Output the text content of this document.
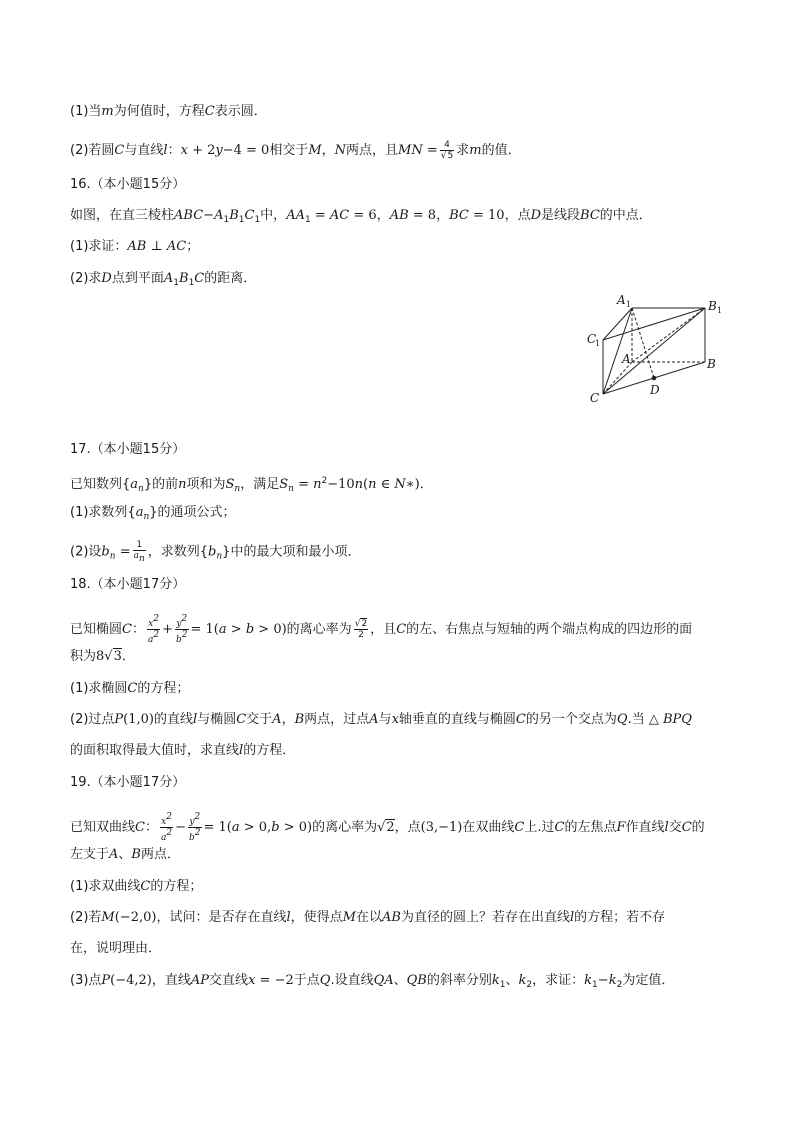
(1)当m为何值时，方程C表示圆．
(2)若圆C与直线l：x + 2y−4 = 0相交于M，N两点，且MN = $\frac{4}{√5}$ 求m的值．
16.（本小题15分）
如图，在直三棱柱$ABC-A_1B_1C_1$中，$AA_1$ = AC = 6，AB = 8，BC = 10，点D是线段BC的中点．
(1)求证：AB ⊥ AC；
(2)求D点到平面$A_1B_1C$的距离．
A 1	B 1
C
1
A	B
C
D
17.（本小题15分）
已知数列$\{a_n\}$的前n项和为$S_n$，满足$S_n = n^2-10n(n$ ∈ N∗)．
(1)求数列$\{a_n\}$的通项公式；
(2)设$b_n = \frac{1}{a_n}$ ，求数列$\{b_n\}$中的最大项和最小项．
18.（本小题17分）
已知椭圆C： $\frac{x^2}{a^2} + \frac{y^2}{b^2} = 1(a > b > 0)$的离心率为 $\frac{√2}{2}$ ，且C的左、右焦点与短轴的两个端点构成的四边形的面
积为8√3．
(1)求椭圆C的方程；
(2)过点P(1,0)的直线l与椭圆C交于A，B两点，过点A与x轴垂直的直线与椭圆C的另一个交点为Q.当 △ BPQ
的面积取得最大值时，求直线l的方程．
19.（本小题17分）
已知双曲线C： $\frac{x^2}{a^2} - \frac{y^2}{b^2} = 1(a > 0,b > 0)$的离心率为√2，点(3,−1)在双曲线C上.过C的左焦点F作直线l交C的
左支于A、B两点．
(1)求双曲线C的方程；
(2)若M(−2,0)，试问：是否存在直线l，使得点M在以AB为直径的圆上？若存在出直线l的方程；若不存
在，说明理由．
(3)点P(−4,2)，直线AP交直线x = −2于点Q.设直线QA、QB的斜率分别$k_1$、$k_2$，求证：$k_1-k_2$为定值．
